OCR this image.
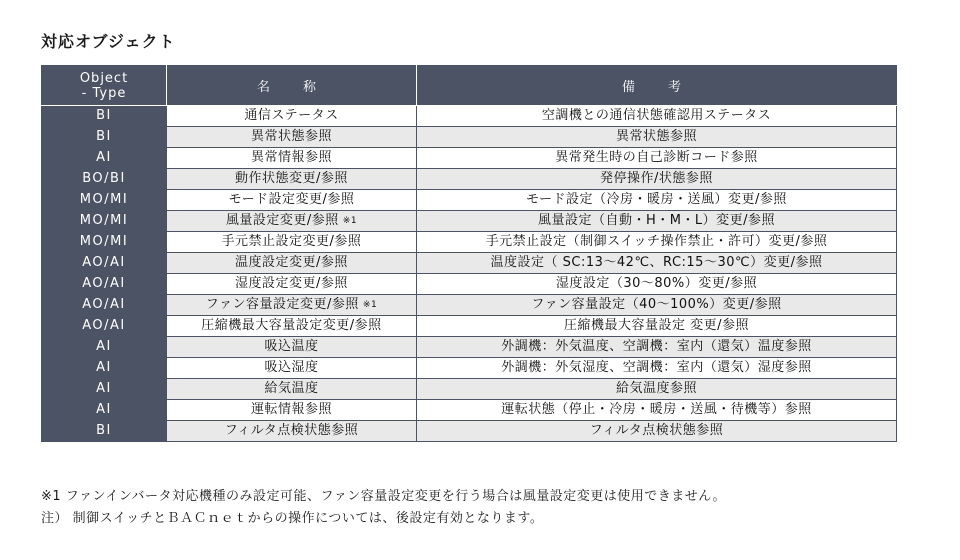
対応オブジェクト
Object
- Type	名　称	備　考
BI	通信ステータス	空調機との通信状態確認用ステータス
BI	異常状態参照	異常状態参照
AI	異常情報参照	異常発生時の自己診断コード参照
BO/BI	動作状態変更/参照	発停操作/状態参照
MO/MI	モード設定変更/参照	モード設定（冷房・暖房・送風）変更/参照
MO/MI	風量設定変更/参照 $^{※1}$	風量設定（自動・H・M・L）変更/参照
MO/MI	手元禁止設定変更/参照	手元禁止設定（制御スイッチ操作禁止・許可）変更/参照
AO/AI	温度設定変更/参照	温度設定（ SC:13～42℃、RC:15～30℃）変更/参照
AO/AI	湿度設定変更/参照	湿度設定（30～80%）変更/参照
AO/AI	ファン容量設定変更/参照 $^{※1}$	ファン容量設定（40～100%）変更/参照
AO/AI	圧縮機最大容量設定変更/参照	圧縮機最大容量設定 変更/参照
AI	吸込温度	外調機：外気温度、空調機：室内（還気）温度参照
AI	吸込湿度	外調機：外気湿度、空調機：室内（還気）湿度参照
AI	給気温度	給気温度参照
AI	運転情報参照	運転状態（停止・冷房・暖房・送風・待機等）参照
BI	フィルタ点検状態参照	フィルタ点検状態参照
※1 ファンインバータ対応機種のみ設定可能、ファン容量設定変更を行う場合は風量設定変更は使用できません。
注） 制御スイッチとＢＡＣｎｅｔからの操作については、後設定有効となります。
